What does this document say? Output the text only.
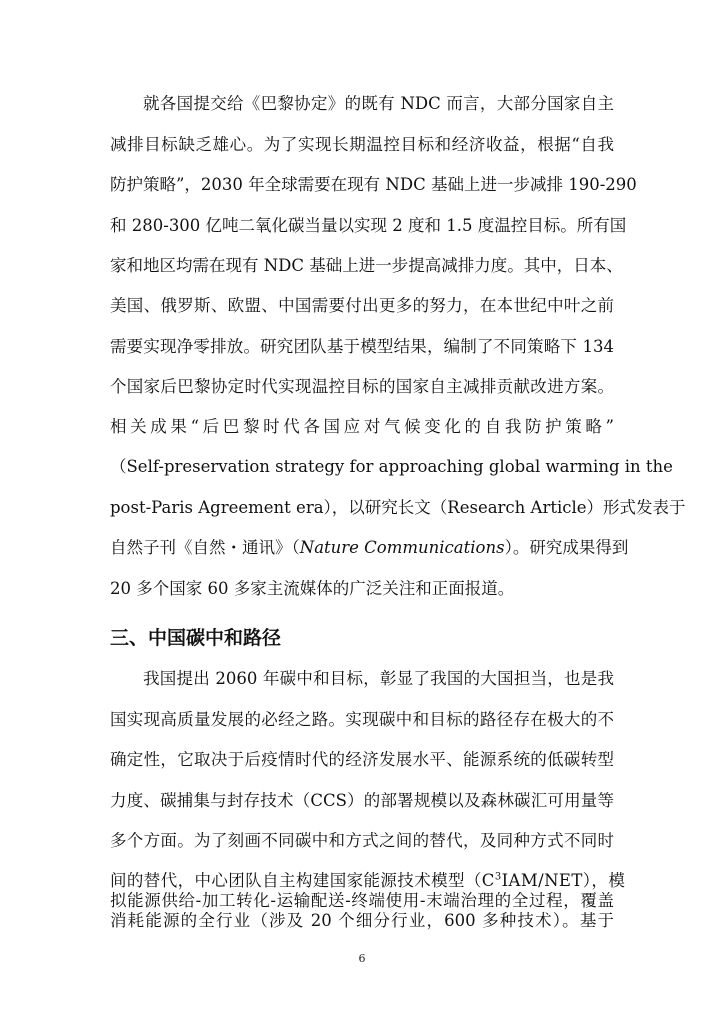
就各国提交给《巴黎协定》的既有 NDC 而言，大部分国家自主
减排目标缺乏雄心。为了实现长期温控目标和经济收益，根据“自我
防护策略”，2030 年全球需要在现有 NDC 基础上进一步减排 190-290
和 280-300 亿吨二氧化碳当量以实现 2 度和 1.5 度温控目标。所有国
家和地区均需在现有 NDC 基础上进一步提高减排力度。其中，日本、
美国、俄罗斯、欧盟、中国需要付出更多的努力，在本世纪中叶之前
需要实现净零排放。研究团队基于模型结果，编制了不同策略下 134
个国家后巴黎协定时代实现温控目标的国家自主减排贡献改进方案。
相关成果“后巴黎时代各国应对气候变化的自我防护策略”
（Self-preservation strategy for approaching global warming in the
post-Paris Agreement era），以研究长文（Research Article）形式发表于
自然子刊《自然・通讯》（Nature Communications）。研究成果得到
20 多个国家 60 多家主流媒体的广泛关注和正面报道。
三、中国碳中和路径
我国提出 2060 年碳中和目标，彰显了我国的大国担当，也是我
国实现高质量发展的必经之路。实现碳中和目标的路径存在极大的不
确定性，它取决于后疫情时代的经济发展水平、能源系统的低碳转型
力度、碳捕集与封存技术（CCS）的部署规模以及森林碳汇可用量等
多个方面。为了刻画不同碳中和方式之间的替代，及同种方式不同时
间的替代，中心团队自主构建国家能源技术模型$(C^3IAM/NET)$，模
拟能源供给-加工转化-运输配送-终端使用-末端治理的全过程，覆盖
6
消耗能源的全行业（涉及 20 个细分行业，600 多种技术）。基于
